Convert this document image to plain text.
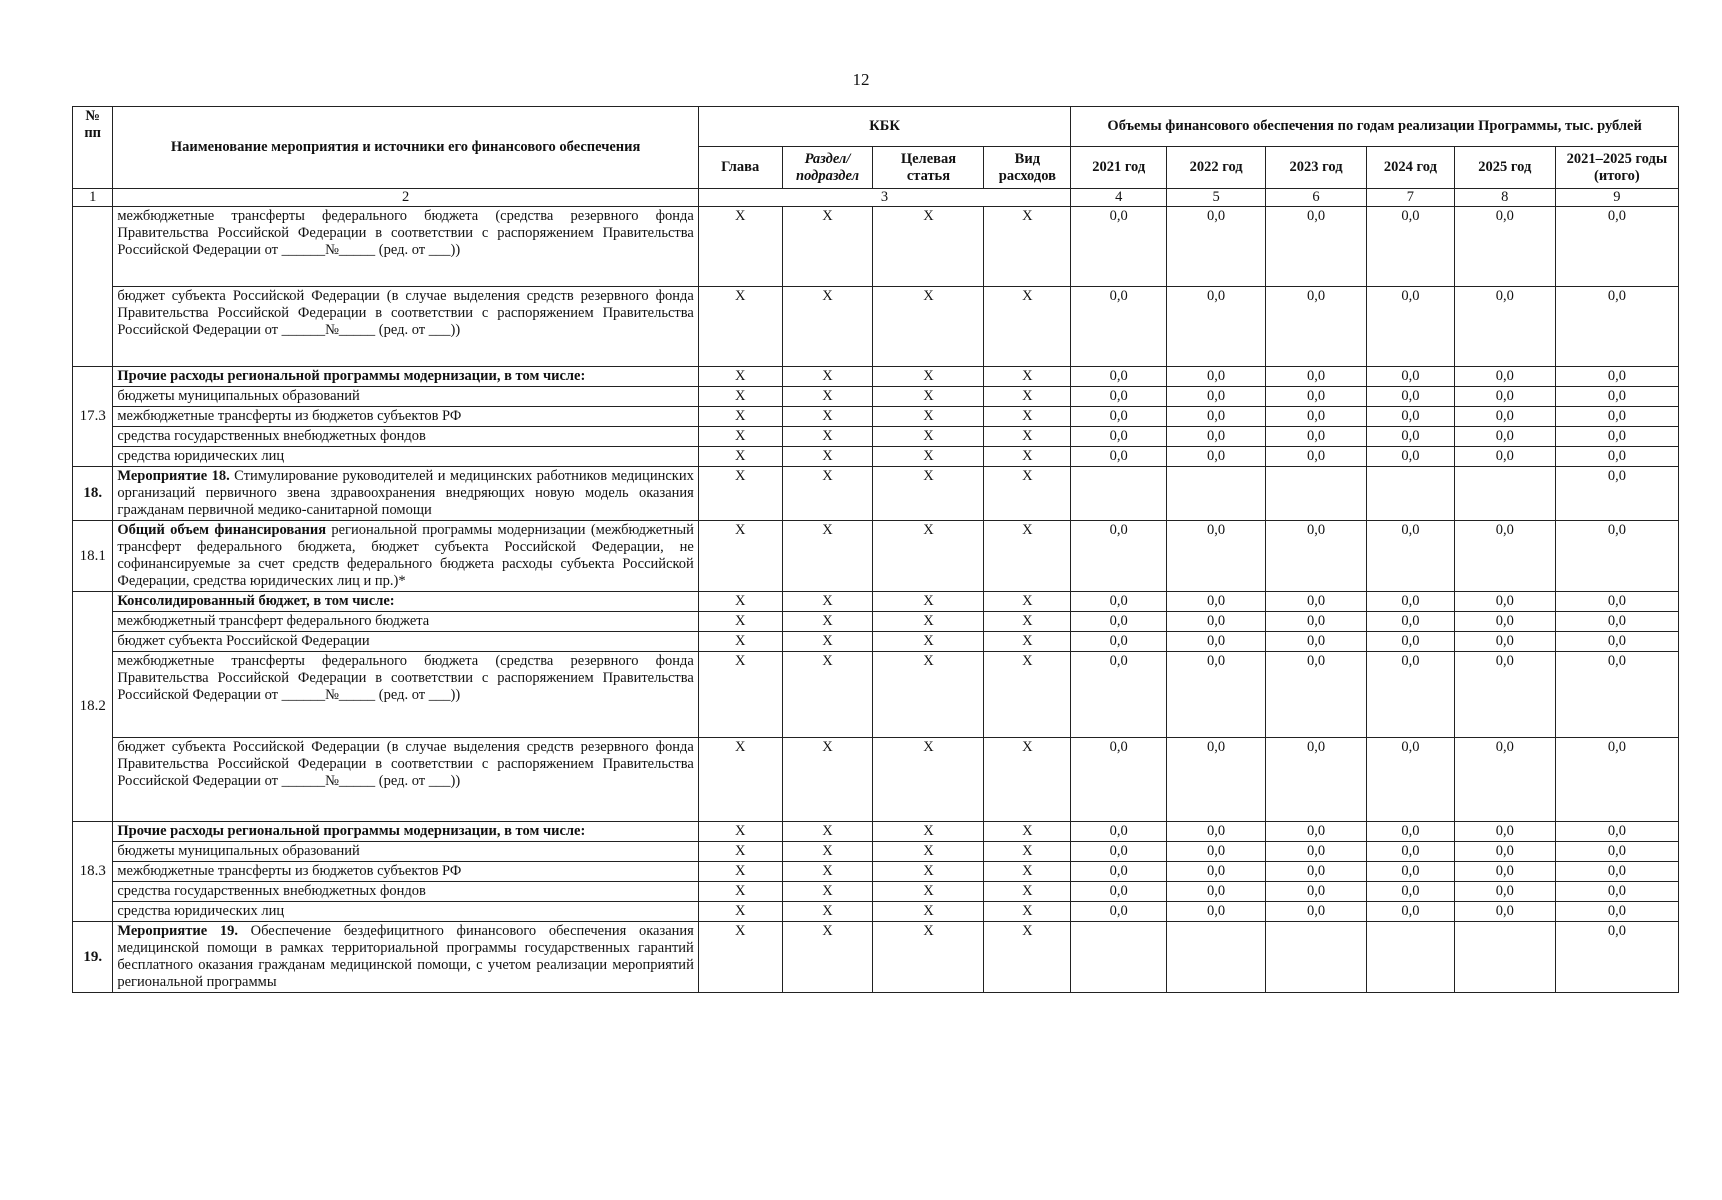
12
№ пп	Наименование мероприятия и источники его финансового обеспечения	КБК				Объемы финансового обеспечения по годам реализации Программы, тыс. рублей					
		Глава	Раздел/ подраздел	Целевая статья	Вид расходов	2021 год	2022 год	2023 год	2024 год	2025 год	2021–2025 годы (итого)
1	2	3				4	5	6	7	8	9
	межбюджетные трансферты федерального бюджета (средства резервного фонда Правительства Российской Федерации в соответствии с распоряжением Правительства Российской Федерации от ______№_____ (ред. от ___))	X	X	X	X	0,0	0,0	0,0	0,0	0,0	0,0
	бюджет субъекта Российской Федерации (в случае выделения средств резервного фонда Правительства Российской Федерации в соответствии с распоряжением Правительства Российской Федерации от ______№_____ (ред. от ___))	X	X	X	X	0,0	0,0	0,0	0,0	0,0	0,0
17.3	Прочие расходы региональной программы модернизации, в том числе:	X	X	X	X	0,0	0,0	0,0	0,0	0,0	0,0
	бюджеты муниципальных образований	X	X	X	X	0,0	0,0	0,0	0,0	0,0	0,0
	межбюджетные трансферты из бюджетов субъектов РФ	X	X	X	X	0,0	0,0	0,0	0,0	0,0	0,0
	средства государственных внебюджетных фондов	X	X	X	X	0,0	0,0	0,0	0,0	0,0	0,0
	средства юридических лиц	X	X	X	X	0,0	0,0	0,0	0,0	0,0	0,0
18.	Мероприятие 18. Стимулирование руководителей и медицинских работников медицинских организаций первичного звена здравоохранения внедряющих новую модель оказания гражданам первичной медико-санитарной помощи	X	X	X	X						0,0
18.1	Общий объем финансирования региональной программы модернизации (межбюджетный трансферт федерального бюджета, бюджет субъекта Российской Федерации, не софинансируемые за счет средств федерального бюджета расходы субъекта Российской Федерации, средства юридических лиц и пр.)*	X	X	X	X	0,0	0,0	0,0	0,0	0,0	0,0
18.2	Консолидированный бюджет, в том числе:	X	X	X	X	0,0	0,0	0,0	0,0	0,0	0,0
	межбюджетный трансферт федерального бюджета	X	X	X	X	0,0	0,0	0,0	0,0	0,0	0,0
	бюджет субъекта Российской Федерации	X	X	X	X	0,0	0,0	0,0	0,0	0,0	0,0
	межбюджетные трансферты федерального бюджета (средства резервного фонда Правительства Российской Федерации в соответствии с распоряжением Правительства Российской Федерации от ______№_____ (ред. от ___))	X	X	X	X	0,0	0,0	0,0	0,0	0,0	0,0
	бюджет субъекта Российской Федерации (в случае выделения средств резервного фонда Правительства Российской Федерации в соответствии с распоряжением Правительства Российской Федерации от ______№_____ (ред. от ___))	X	X	X	X	0,0	0,0	0,0	0,0	0,0	0,0
18.3	Прочие расходы региональной программы модернизации, в том числе:	X	X	X	X	0,0	0,0	0,0	0,0	0,0	0,0
	бюджеты муниципальных образований	X	X	X	X	0,0	0,0	0,0	0,0	0,0	0,0
	межбюджетные трансферты из бюджетов субъектов РФ	X	X	X	X	0,0	0,0	0,0	0,0	0,0	0,0
	средства государственных внебюджетных фондов	X	X	X	X	0,0	0,0	0,0	0,0	0,0	0,0
	средства юридических лиц	X	X	X	X	0,0	0,0	0,0	0,0	0,0	0,0
19.	Мероприятие 19. Обеспечение бездефицитного финансового обеспечения оказания медицинской помощи в рамках территориальной программы государственных гарантий бесплатного оказания гражданам медицинской помощи, с учетом реализации мероприятий региональной программы	X	X	X	X						0,0
